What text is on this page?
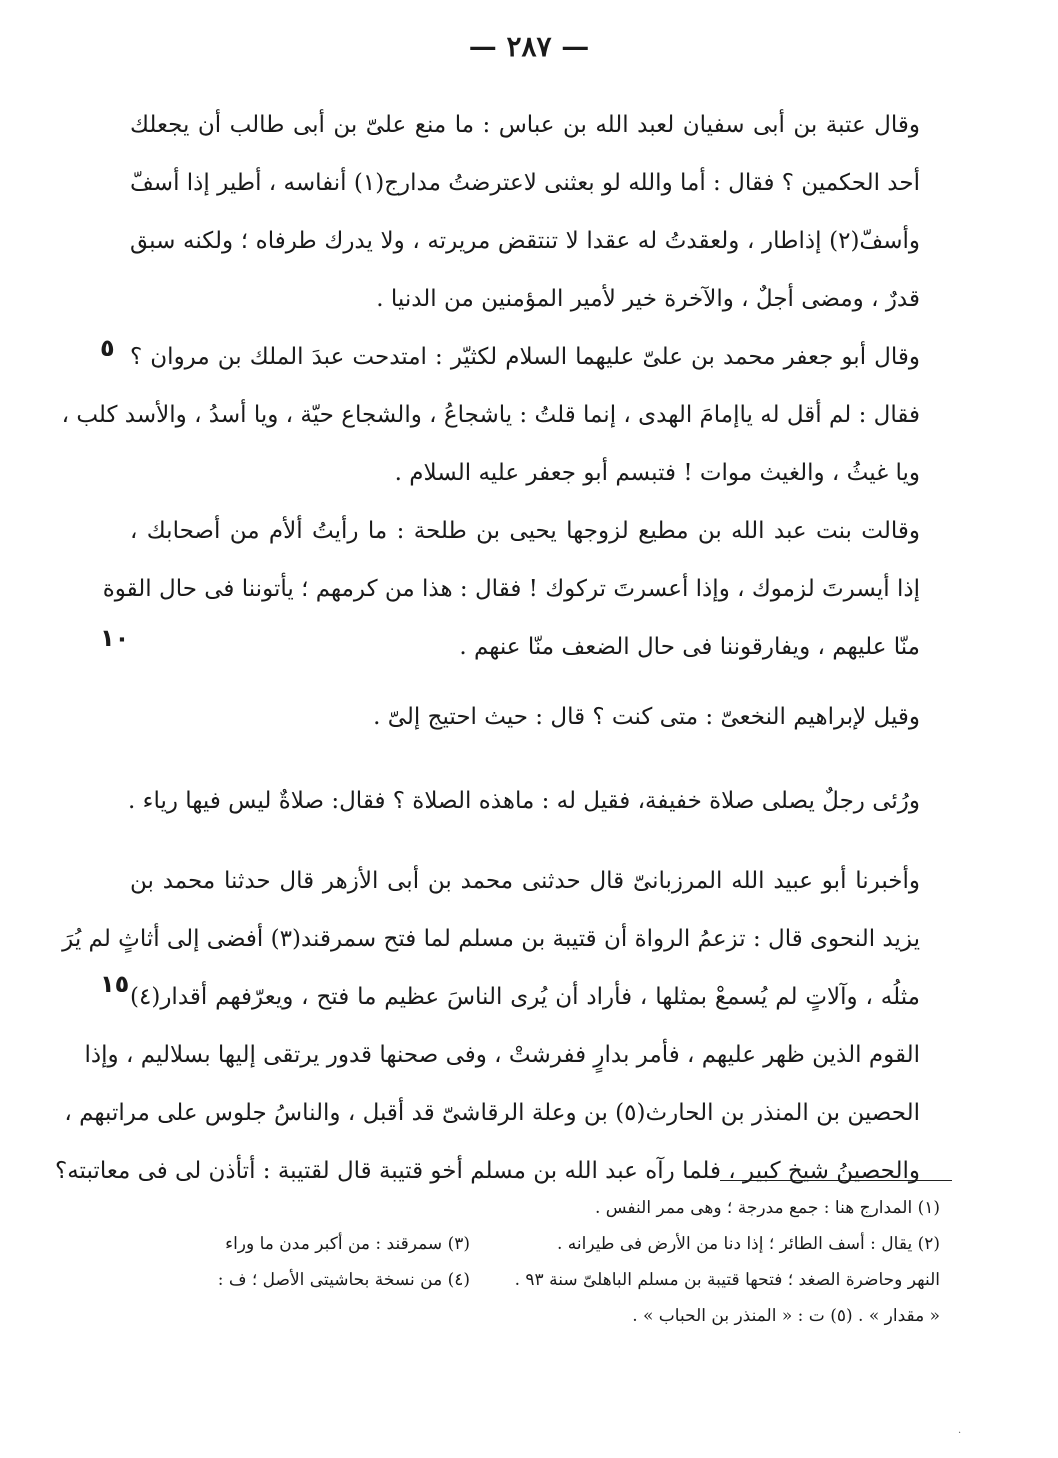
— ٢٨٧ —
وقال عتبة بن أبى سفيان لعبد الله بن عباس : ما منع علىّ بن أبى طالب أن يجعلك
أحد الحكمين ؟ فقال : أما والله لو بعثنى لاعترضتُ مدارج(١) أنفاسه ، أطير إذا أسفّ
وأسفّ(٢) إذاطار ، ولعقدتُ له عقدا لا تنتقض مريرته ، ولا يدرك طرفاه ؛ ولكنه سبق
قدرٌ ، ومضى أجلٌ ، والآخرة خير لأمير المؤمنين من الدنيا .
وقال أبو جعفر محمد بن علىّ عليهما السلام لكثيّر : امتدحت عبدَ الملك بن مروان ؟
فقال : لم أقل له ياإمامَ الهدى ، إنما قلتُ : ياشجاعُ ، والشجاع حيّة ، ويا أسدُ ، والأسد كلب ،
ويا غيثُ ، والغيث موات ! فتبسم أبو جعفر عليه السلام .
وقالت بنت عبد الله بن مطيع لزوجها يحيى بن طلحة : ما رأيتُ ألأم من أصحابك ،
إذا أيسرتَ لزموك ، وإذا أعسرتَ تركوك ! فقال : هذا من كرمهم ؛ يأتوننا فى حال القوة
منّا عليهم ، ويفارقوننا فى حال الضعف منّا عنهم .
وقيل لإبراهيم النخعىّ : متى كنت ؟ قال : حيث احتيج إلىّ .
ورُئى رجلٌ يصلى صلاة خفيفة، فقيل له : ماهذه الصلاة ؟ فقال: صلاةٌ ليس فيها رياء .
وأخبرنا أبو عبيد الله المرزبانىّ قال حدثنى محمد بن أبى الأزهر قال حدثنا محمد بن
يزيد النحوى قال : تزعمُ الرواة أن قتيبة بن مسلم لما فتح سمرقند(٣) أفضى إلى أثاثٍ لم يُرَ
مثلُه ، وآلاتٍ لم يُسمعْ بمثلها ، فأراد أن يُرى الناسَ عظيم ما فتح ، ويعرّفهم أقدار(٤)
القوم الذين ظهر عليهم ، فأمر بدارٍ ففرشتْ ، وفى صحنها قدور يرتقى إليها بسلاليم ، وإذا
الحصين بن المنذر بن الحارث(٥) بن وعلة الرقاشىّ قد أقبل ، والناسُ جلوس على مراتبهم ،
والحصينُ شيخ كبير ، فلما رآه عبد الله بن مسلم أخو قتيبة قال لقتيبة : أتأذن لى فى معاتبته؟
٥
١٠
١٥
(١) المدارج هنا : جمع مدرجة ؛ وهى ممر النفس .
(٢) يقال : أسف الطائر ؛ إذا دنا من الأرض فى طيرانه .
(٣) سمرقند : من أكبر مدن ما وراء
النهر وحاضرة الصغد ؛ فتحها قتيبة بن مسلم الباهلىّ سنة ٩٣ .
(٤) من نسخة بحاشيتى الأصل ؛ ف :
« مقدار » . (٥) ت : « المنذر بن الحباب » .
·
